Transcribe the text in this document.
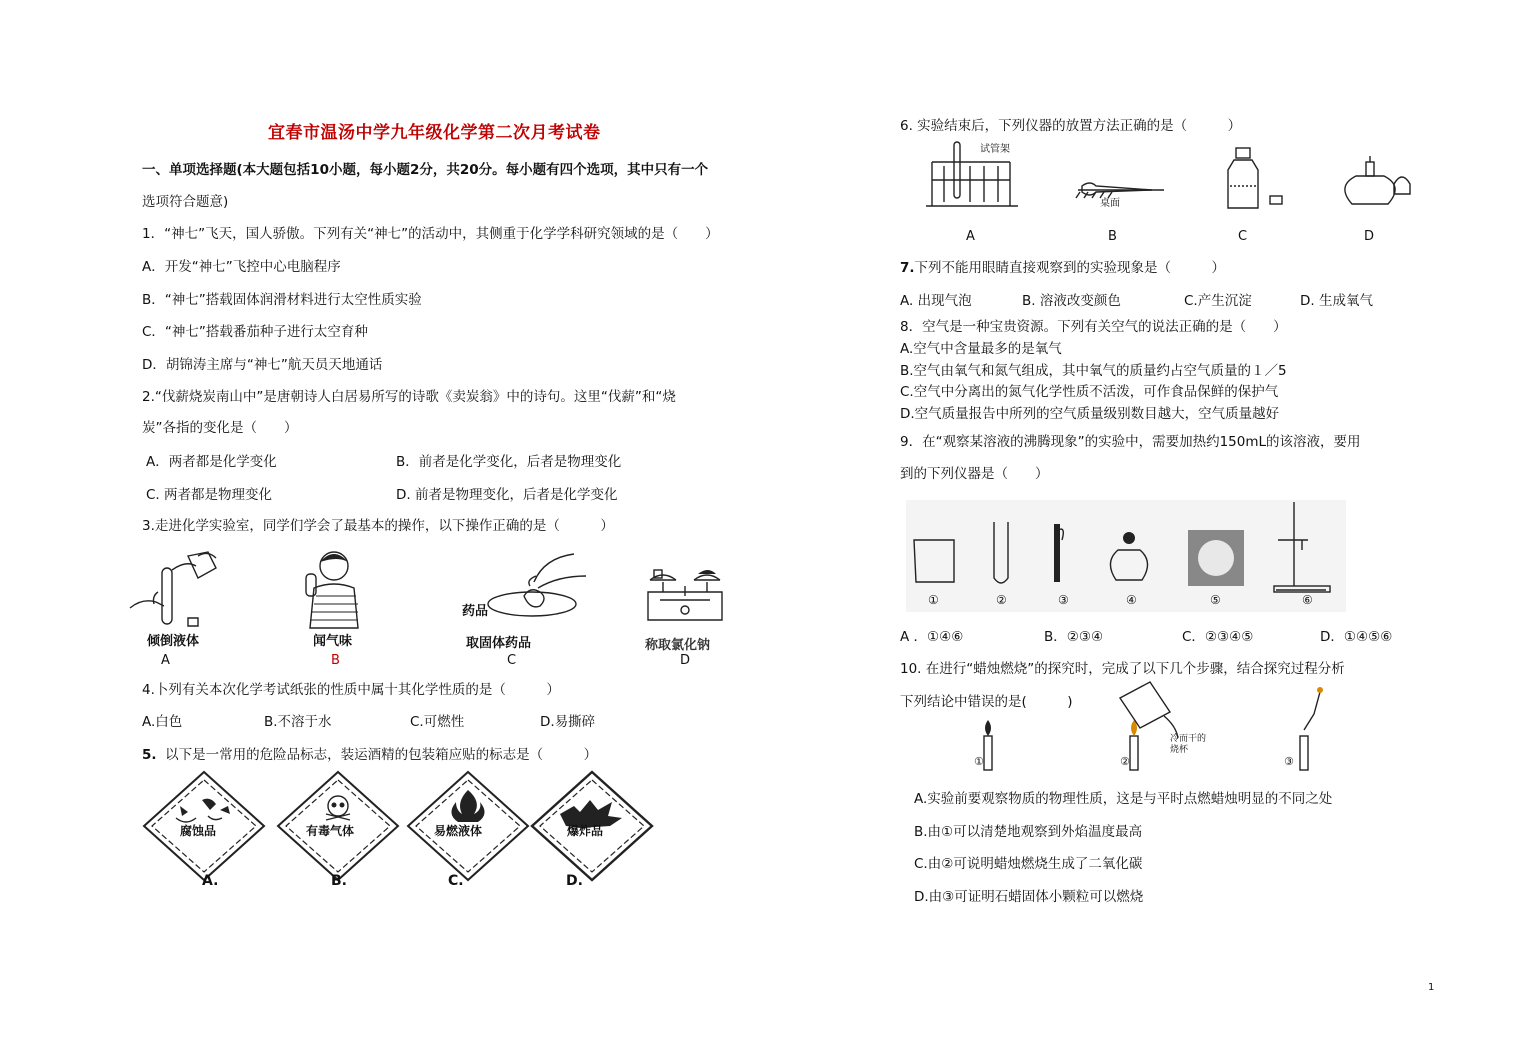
宜春市温汤中学九年级化学第二次月考试卷
一、单项选择题(本大题包括10小题，每小题2分，共20分。每小题有四个选项，其中只有一个
选项符合题意)
1．“神七”飞天，国人骄傲。下列有关“神七”的活动中，其侧重于化学学科研究领域的是（　　）
A．开发“神七”飞控中心电脑程序
B．“神七”搭载固体润滑材料进行太空性质实验
C．“神七”搭载番茄种子进行太空育种
D．胡锦涛主席与“神七”航天员天地通话
2.“伐薪烧炭南山中”是唐朝诗人白居易所写的诗歌《卖炭翁》中的诗句。这里“伐薪”和“烧
炭”各指的变化是（　　）
A．两者都是化学变化	B．前者是化学变化，后者是物理变化
C. 两者都是物理变化	D. 前者是物理变化，后者是化学变化
3.走进化学实验室，同学们学会了最基本的操作，以下操作正确的是（　　　）
倾倒液体
A
闻气味
B
药品
取固体药品
C
称取氯化钠
D
4.卜列有关本次化学考试纸张的性质中属十其化学性质的是（　　　）
A.白色	B.不溶于水	C.可燃性	D.易撕碎
5. 以下是一常用的危险品标志，装运酒精的包装箱应贴的标志是（　　　）
腐蚀品	有毒气体	易燃液体	爆炸品
A.	B.	C.	D.
6. 实验结束后，下列仪器的放置方法正确的是（　　　）
试管架
桌面
A	B	C	D
7.下列不能用眼睛直接观察到的实验现象是（　　　）
A. 出现气泡	B. 溶液改变颜色	C.产生沉淀	D. 生成氧气
8．空气是一种宝贵资源。下列有关空气的说法正确的是（　　）
A.空气中含量最多的是氧气
B.空气由氧气和氮气组成，其中氧气的质量约占空气质量的１／5
C.空气中分离出的氮气化学性质不活泼，可作食品保鲜的保护气
D.空气质量报告中所列的空气质量级别数目越大，空气质量越好
9．在“观察某溶液的沸腾现象”的实验中，需要加热约150mL的该溶液，要用
到的下列仪器是（　　）
①	②	③	④	⑤	⑥
A ．①④⑥	B．②③④	C．②③④⑤	D．①④⑤⑥
10. 在进行“蜡烛燃烧”的探究时，完成了以下几个步骤，结合探究过程分析
下列结论中错误的是(　　　)
①	②	③
冷而干的烧杯
A.实验前要观察物质的物理性质，这是与平时点燃蜡烛明显的不同之处
B.由①可以清楚地观察到外焰温度最高
C.由②可说明蜡烛燃烧生成了二氧化碳
D.由③可证明石蜡固体小颗粒可以燃烧
1
